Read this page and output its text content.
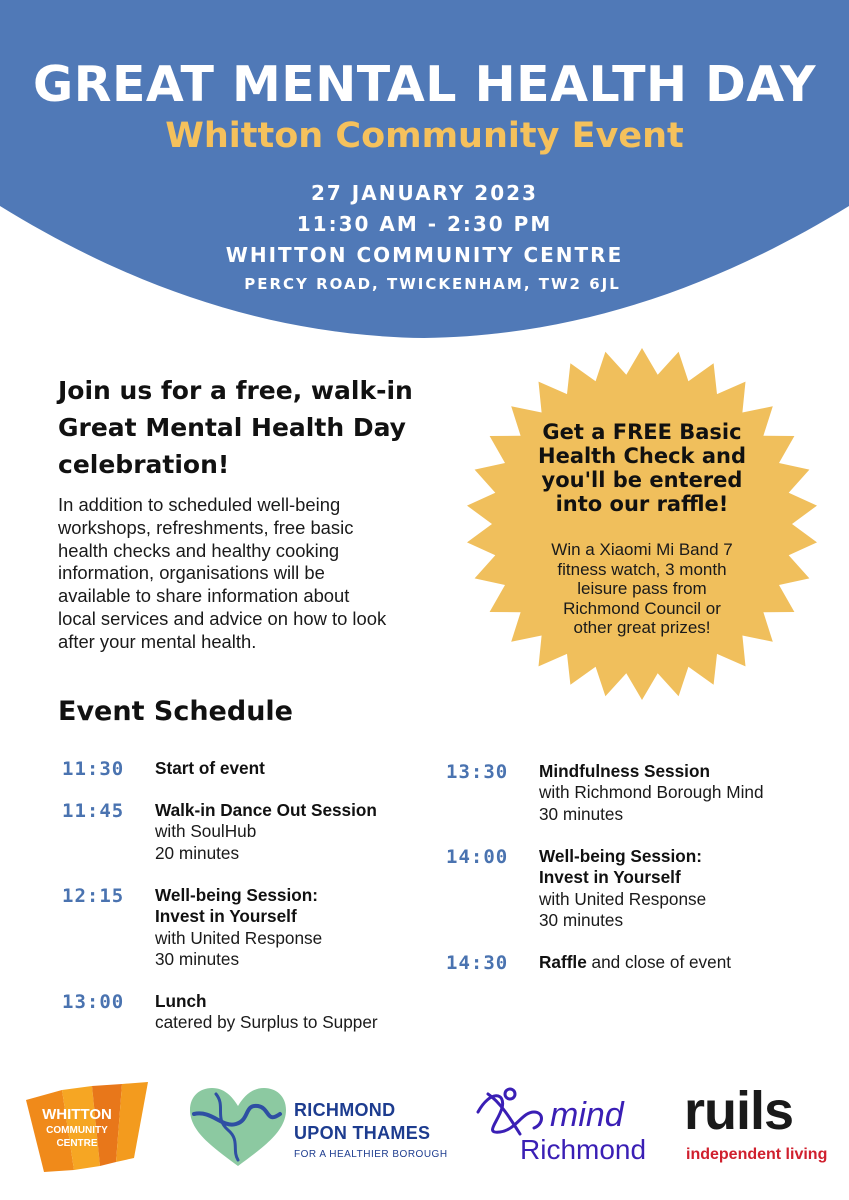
GREAT MENTAL HEALTH DAY
Whitton Community Event
27 JANUARY 2023
11:30 AM - 2:30 PM
WHITTON COMMUNITY CENTRE
PERCY ROAD, TWICKENHAM, TW2 6JL
Join us for a free, walk-in
Great Mental Health Day
celebration!
In addition to scheduled well-being
workshops, refreshments, free basic
health checks and healthy cooking
information, organisations will be
available to share information about
local services and advice on how to look
after your mental health.
Get a FREE Basic
Health Check and
you'll be entered
into our raffle!
Win a Xiaomi Mi Band 7
fitness watch, 3 month
leisure pass from
Richmond Council or
other great prizes!
Event Schedule
11:30 Start of event
11:45 Walk-in Dance Out Session
with SoulHub
20 minutes
12:15 Well-being Session:
Invest in Yourself
with United Response
30 minutes
13:00 Lunch
catered by Surplus to Supper
13:30 Mindfulness Session
with Richmond Borough Mind
30 minutes
14:00 Well-being Session:
Invest in Yourself
with United Response
30 minutes
14:30 Raffle and close of event
WHITTON
COMMUNITY
CENTRE
RICHMOND
UPON THAMES
FOR A HEALTHIER BOROUGH
mind
Richmond
ruils
independent living
